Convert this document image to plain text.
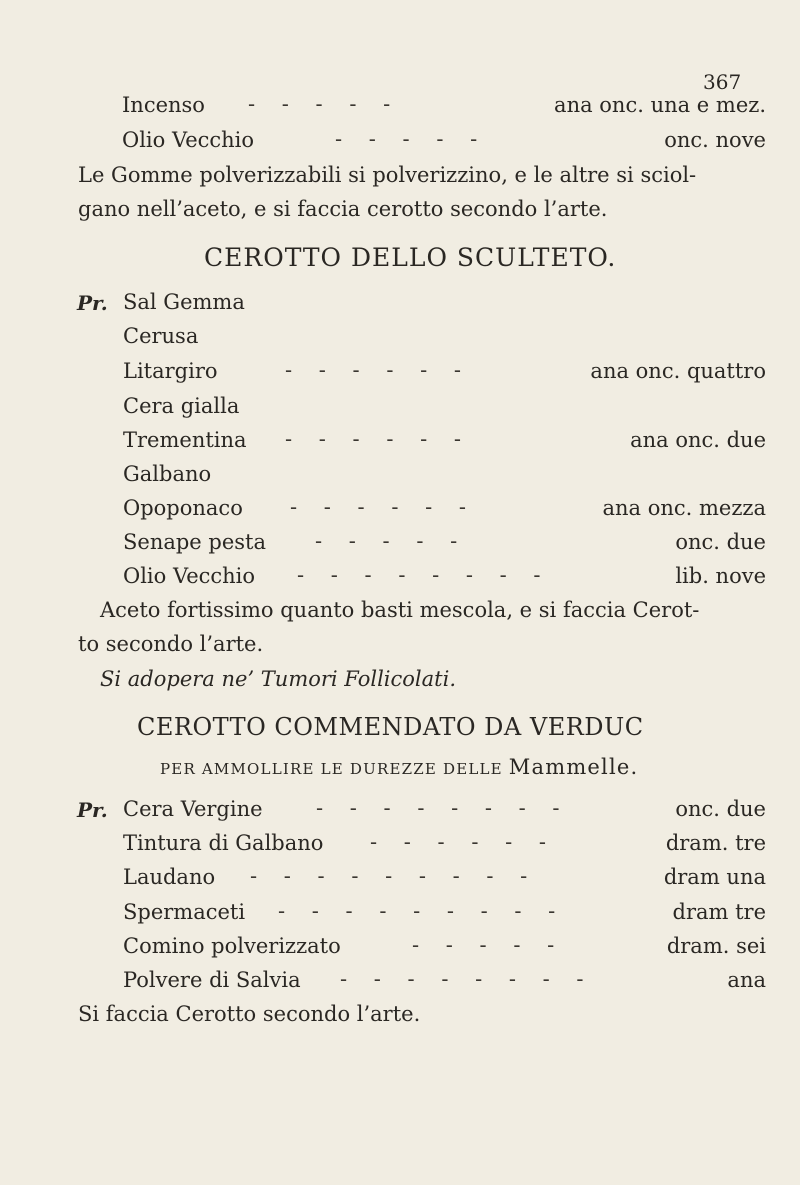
367
Incenso - - - - -	ana onc. una e mez.
Olio Vecchio	- - - - -	onc. nove
Le Gomme polverizzabili si polverizzino, e le altre si sciol-
gano nell’aceto, e si faccia cerotto secondo l’arte.
CEROTTO DELLO SCULTETO.
Pr. Sal Gemma
Cerusa
Litargiro	- - - - - -	ana onc. quattro
Cera gialla
Trementina - - - - - -	ana onc. due
Galbano
Opoponaco - - - - - -	ana onc. mezza
Senape pesta - - - - -	onc. due
Olio Vecchio - - - - - - - -	lib. nove
Aceto fortissimo quanto basti mescola, e si faccia Cerot-
to secondo l’arte.
Si adopera ne’ Tumori Follicolati.
CEROTTO COMMENDATO DA VERDUC
PER AMMOLLIRE LE DUREZZE DELLE Mammelle.
Pr. Cera Vergine	- - - - - - - -	onc. due
Tintura di Galbano - - - - - -	dram. tre
Laudano - - - - - - - - -	dram una
Spermaceti - - - - - - - - -	dram tre
Comino polverizzato	- - - - -	dram. sei
Polvere di Salvia - - - - - - - -	ana
Si faccia Cerotto secondo l’arte.
